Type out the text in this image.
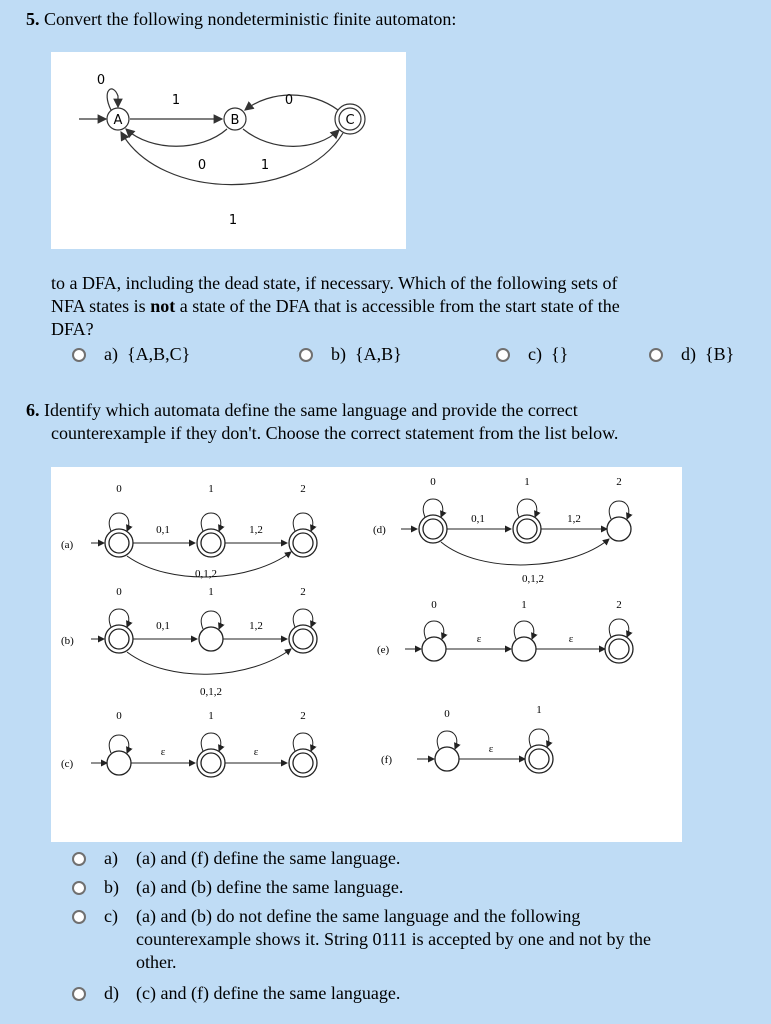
5. Convert the following nondeterministic finite automaton:
A	B	C
0
1	0
0	1
1
to a DFA, including the dead state, if necessary. Which of the following sets of
NFA states is not a state of the DFA that is accessible from the start state of the
DFA?
a) {A,B,C}	b) {A,B}	c) {}	d) {B}
6. Identify which automata define the same language and provide the correct
counterexample if they don't. Choose the correct statement from the list below.
(a)
0
0,1
1
1,2
2
0,1,2
(b)
0
0,1
1
1,2
2
0,1,2
(c)
0
ε
1
ε
2
(d)
0
0,1
1
1,2
2
0,1,2
(e)
0
ε
1
ε
2
(f)
0
ε
1
a) (a) and (f) define the same language.
b) (a) and (b) define the same language.
c) (a) and (b) do not define the same language and the following
counterexample shows it. String 0111 is accepted by one and not by the
other.
d) (c) and (f) define the same language.
